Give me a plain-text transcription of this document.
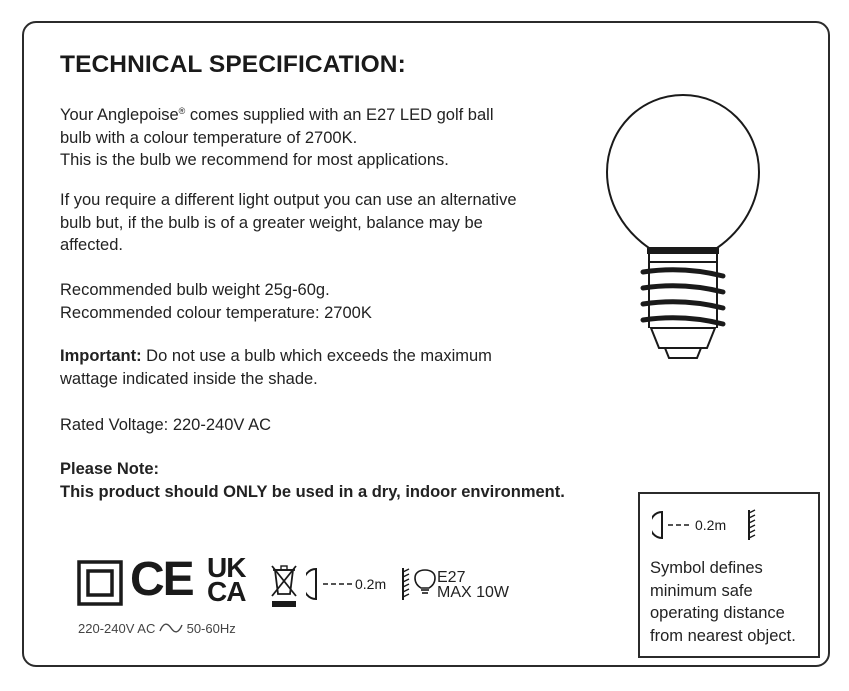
TECHNICAL SPECIFICATION:
Your Anglepoise® comes supplied with an E27 LED golf ball
bulb with a colour temperature of 2700K.
This is the bulb we recommend for most applications.
If you require a different light output you can use an alternative
bulb but, if the bulb is of a greater weight, balance may be
affected.
Recommended bulb weight 25g-60g.
Recommended colour temperature: 2700K
Important: Do not use a bulb which exceeds the maximum
wattage indicated inside the shade.
Rated Voltage: 220-240V AC
Please Note:
This product should ONLY be used in a dry, indoor environment.
0.2m
Symbol defines
minimum safe
operating distance
from nearest object.
CE UK
CA	0.2m	E27
MAX 10W
220-240V AC 50-60Hz
